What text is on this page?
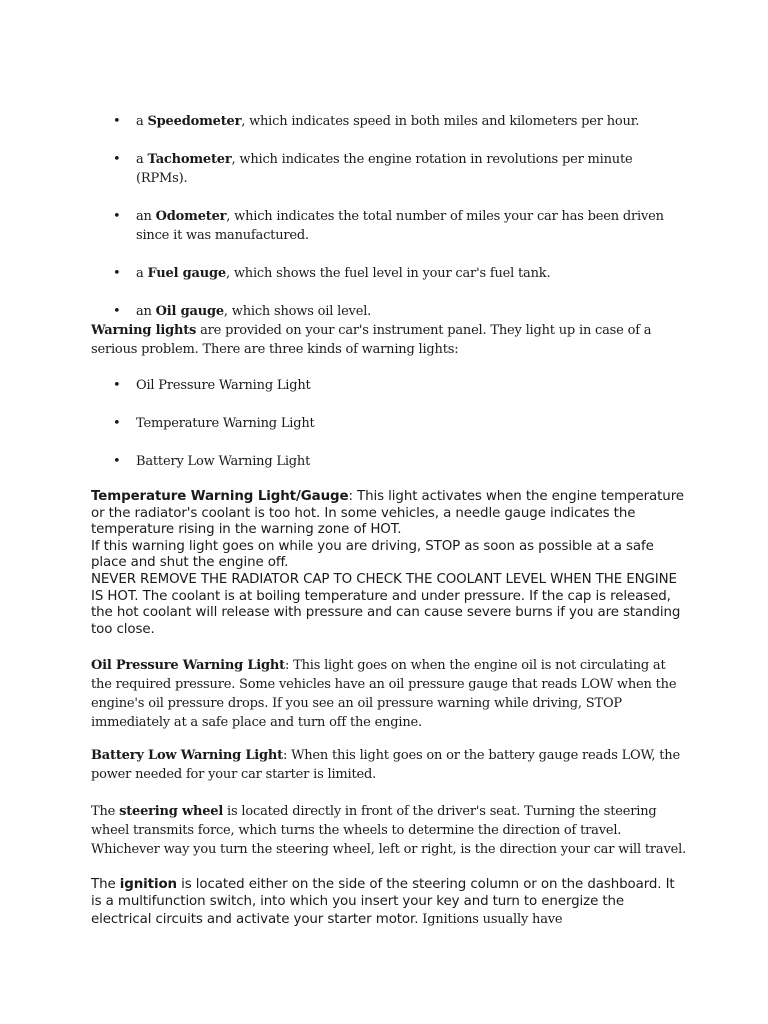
• a Speedometer, which indicates speed in both miles and kilometers per hour.
• a Tachometer, which indicates the engine rotation in revolutions per minute (RPMs).
• an Odometer, which indicates the total number of miles your car has been driven since it was manufactured.
• a Fuel gauge, which shows the fuel level in your car's fuel tank.
• an Oil gauge, which shows oil level.

Warning lights are provided on your car's instrument panel. They light up in case of a serious problem. There are three kinds of warning lights:

• Oil Pressure Warning Light
• Temperature Warning Light
• Battery Low Warning Light

Temperature Warning Light/Gauge: This light activates when the engine temperature or the radiator's coolant is too hot. In some vehicles, a needle gauge indicates the temperature rising in the warning zone of HOT.
If this warning light goes on while you are driving, STOP as soon as possible at a safe place and shut the engine off.
NEVER REMOVE THE RADIATOR CAP TO CHECK THE COOLANT LEVEL WHEN THE ENGINE IS HOT. The coolant is at boiling temperature and under pressure. If the cap is released, the hot coolant will release with pressure and can cause severe burns if you are standing too close.

Oil Pressure Warning Light: This light goes on when the engine oil is not circulating at the required pressure. Some vehicles have an oil pressure gauge that reads LOW when the engine's oil pressure drops. If you see an oil pressure warning while driving, STOP immediately at a safe place and turn off the engine.

Battery Low Warning Light: When this light goes on or the battery gauge reads LOW, the power needed for your car starter is limited.

The steering wheel is located directly in front of the driver's seat. Turning the steering wheel transmits force, which turns the wheels to determine the direction of travel. Whichever way you turn the steering wheel, left or right, is the direction your car will travel.

The ignition is located either on the side of the steering column or on the dashboard. It is a multifunction switch, into which you insert your key and turn to energize the electrical circuits and activate your starter motor. Ignitions usually have
